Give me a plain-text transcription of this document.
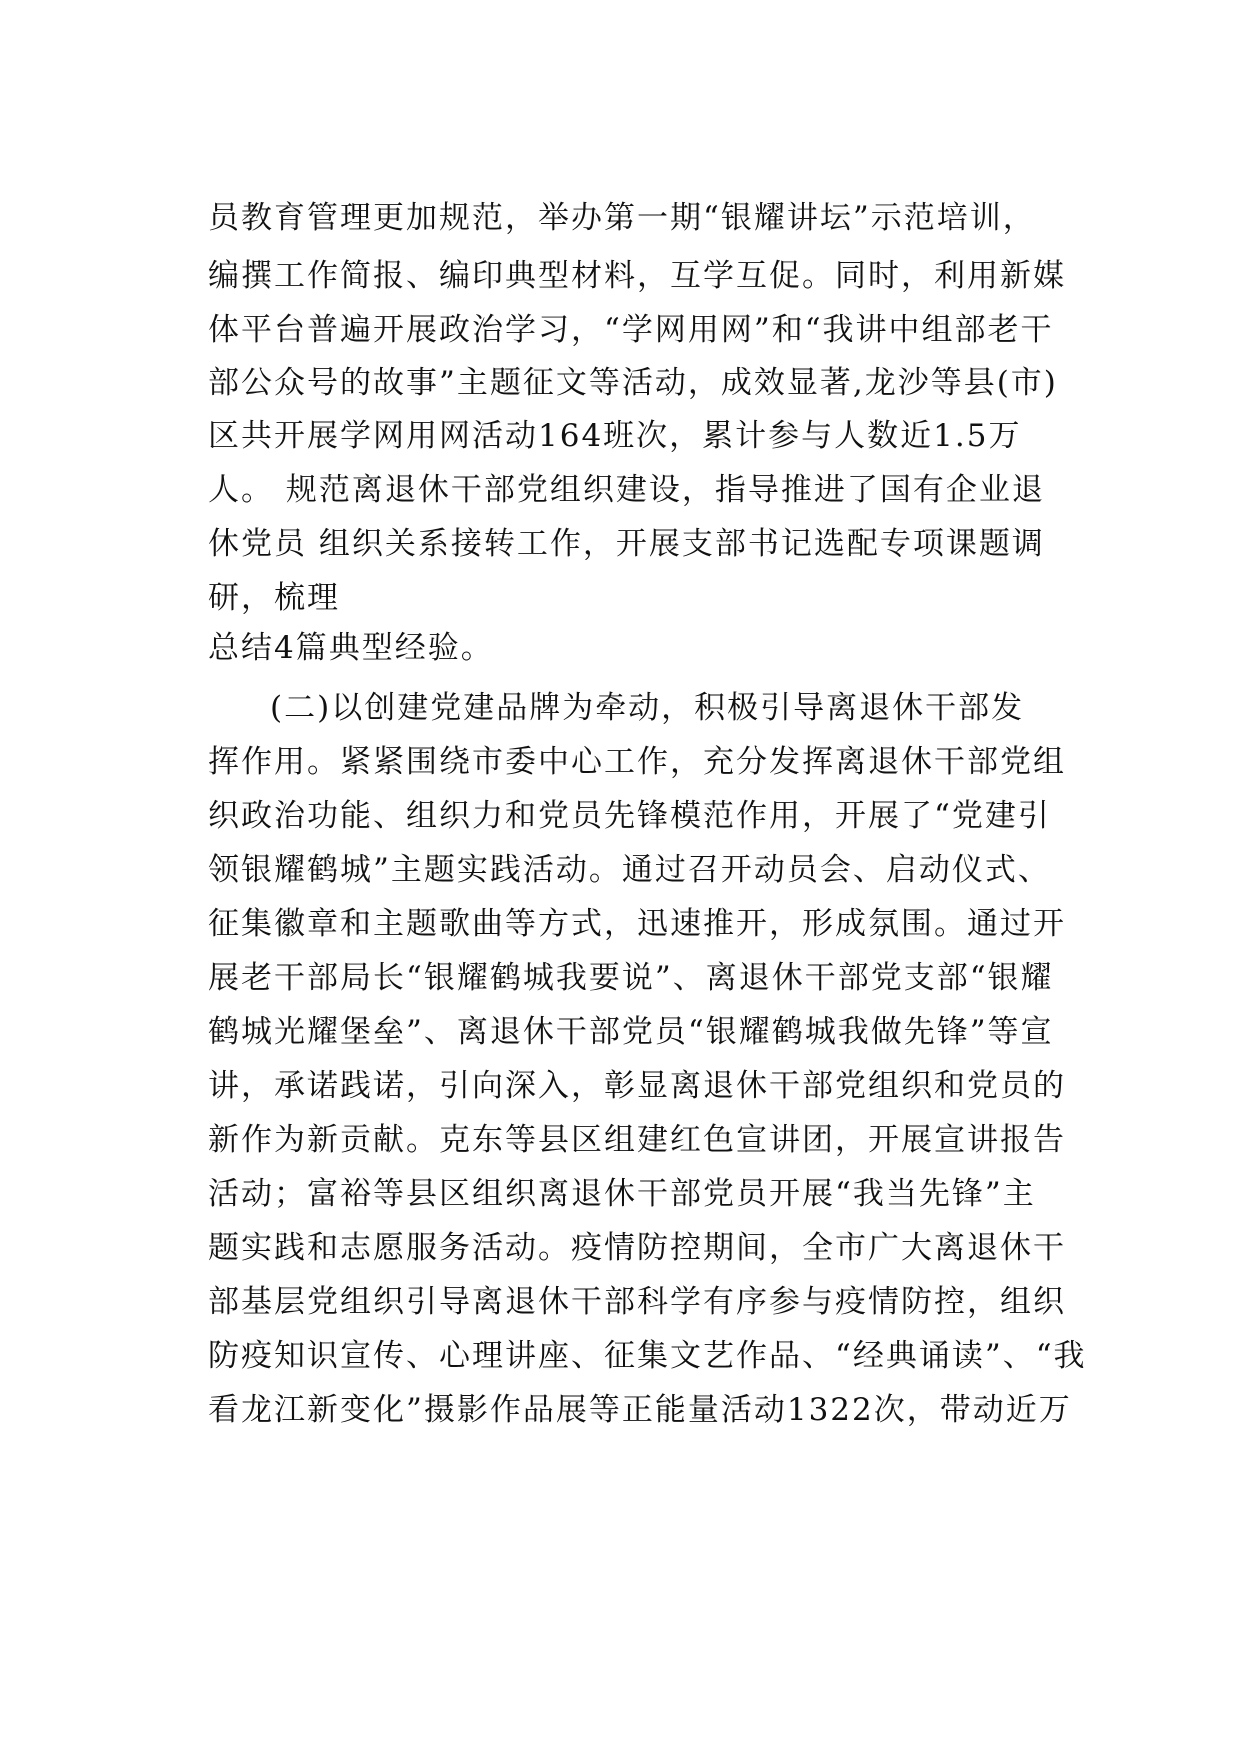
员教育管理更加规范，举办第一期“银耀讲坛”示范培训，
编撰工作简报、编印典型材料，互学互促。同时，利用新媒
体平台普遍开展政治学习，“学网用网”和“我讲中组部老干
部公众号的故事”主题征文等活动，成效显著,龙沙等县(市)
区共开展学网用网活动164班次，累计参与人数近1.5万
人。 规范离退休干部党组织建设，指导推进了国有企业退
休党员 组织关系接转工作，开展支部书记选配专项课题调
研，梳理
总结4篇典型经验。
(二)以创建党建品牌为牵动，积极引导离退休干部发
挥作用。紧紧围绕市委中心工作，充分发挥离退休干部党组
织政治功能、组织力和党员先锋模范作用，开展了“党建引
领银耀鹤城”主题实践活动。通过召开动员会、启动仪式、
征集徽章和主题歌曲等方式，迅速推开，形成氛围。通过开
展老干部局长“银耀鹤城我要说”、离退休干部党支部“银耀
鹤城光耀堡垒”、离退休干部党员“银耀鹤城我做先锋”等宣
讲，承诺践诺，引向深入，彰显离退休干部党组织和党员的
新作为新贡献。克东等县区组建红色宣讲团，开展宣讲报告
活动；富裕等县区组织离退休干部党员开展“我当先锋”主
题实践和志愿服务活动。疫情防控期间，全市广大离退休干
部基层党组织引导离退休干部科学有序参与疫情防控，组织
防疫知识宣传、心理讲座、征集文艺作品、“经典诵读”、“我
看龙江新变化”摄影作品展等正能量活动1322次，带动近万
